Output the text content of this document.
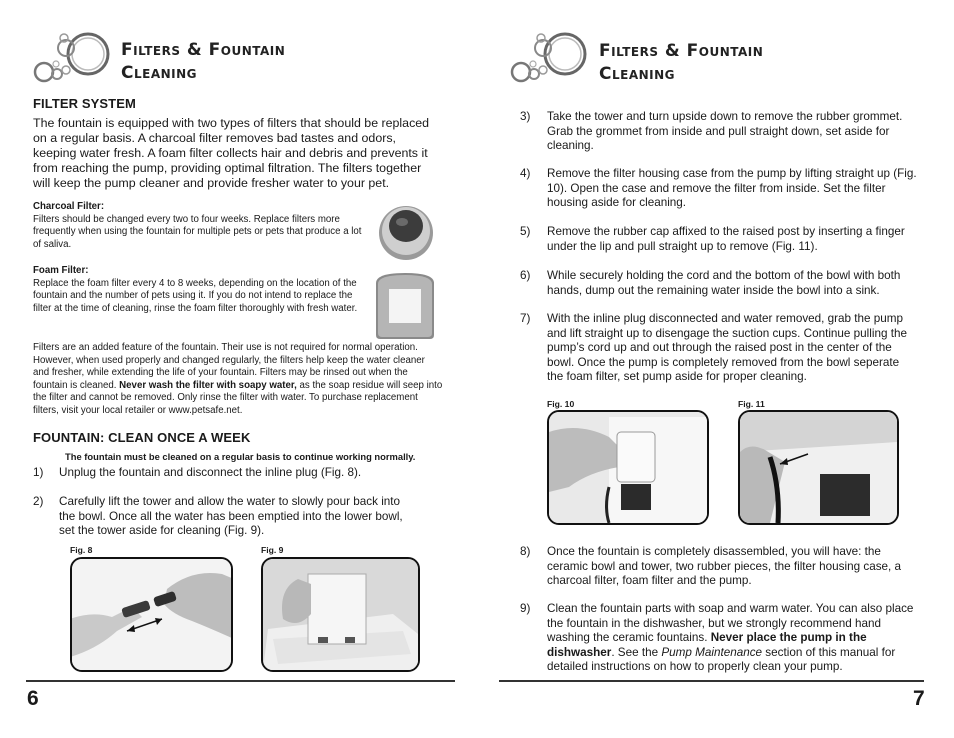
Filters & Fountain
Cleaning
FILTER SYSTEM
The fountain is equipped with two types of filters that should be replaced on a regular basis. A charcoal filter removes bad tastes and odors, keeping water fresh. A foam filter collects hair and debris and prevents it from reaching the pump, providing optimal filtration. The filters together will keep the pump cleaner and provide fresher water to your pet.
Charcoal Filter:
Filters should be changed every two to four weeks. Replace filters more frequently when using the fountain for multiple pets or pets that produce a lot of saliva.
Foam Filter:
Replace the foam filter every 4 to 8 weeks, depending on the location of the fountain and the number of pets using it. If you do not intend to replace the filter at the time of cleaning, rinse the foam filter thoroughly with fresh water.
Filters are an added feature of the fountain. Their use is not required for normal operation. However, when used properly and changed regularly, the filters help keep the water cleaner and fresher, while extending the life of your fountain. Filters may be rinsed out when the fountain is cleaned. Never wash the filter with soapy water, as the soap residue will seep into the filter and cannot be removed. Only rinse the filter with water. To purchase replacement filters, visit your local retailer or www.petsafe.net.
FOUNTAIN: CLEAN ONCE A WEEK
The fountain must be cleaned on a regular basis to continue working normally.
1) Unplug the fountain and disconnect the inline plug (Fig. 8).
2) Carefully lift the tower and allow the water to slowly pour back into the bowl. Once all the water has been emptied into the lower bowl, set the tower aside for cleaning (Fig. 9).
Fig. 8	Fig. 9
6
Filters & Fountain
Cleaning
3) Take the tower and turn upside down to remove the rubber grommet. Grab the grommet from inside and pull straight down, set aside for cleaning.
4) Remove the filter housing case from the pump by lifting straight up (Fig. 10). Open the case and remove the filter from inside. Set the filter housing aside for cleaning.
5) Remove the rubber cap affixed to the raised post by inserting a finger under the lip and pull straight up to remove (Fig. 11).
6) While securely holding the cord and the bottom of the bowl with both hands, dump out the remaining water inside the bowl into a sink.
7) With the inline plug disconnected and water removed, grab the pump and lift straight up to disengage the suction cups. Continue pulling the pump’s cord up and out through the raised post in the center of the bowl. Once the pump is completely removed from the bowl seperate the foam filter, set pump aside for proper cleaning.
Fig. 10	Fig. 11
8) Once the fountain is completely disassembled, you will have: the ceramic bowl and tower, two rubber pieces, the filter housing case, a charcoal filter, foam filter and the pump.
9) Clean the fountain parts with soap and warm water. You can also place the fountain in the dishwasher, but we strongly recommend hand washing the ceramic fountains. Never place the pump in the dishwasher. See the Pump Maintenance section of this manual for detailed instructions on how to properly clean your pump.
7
